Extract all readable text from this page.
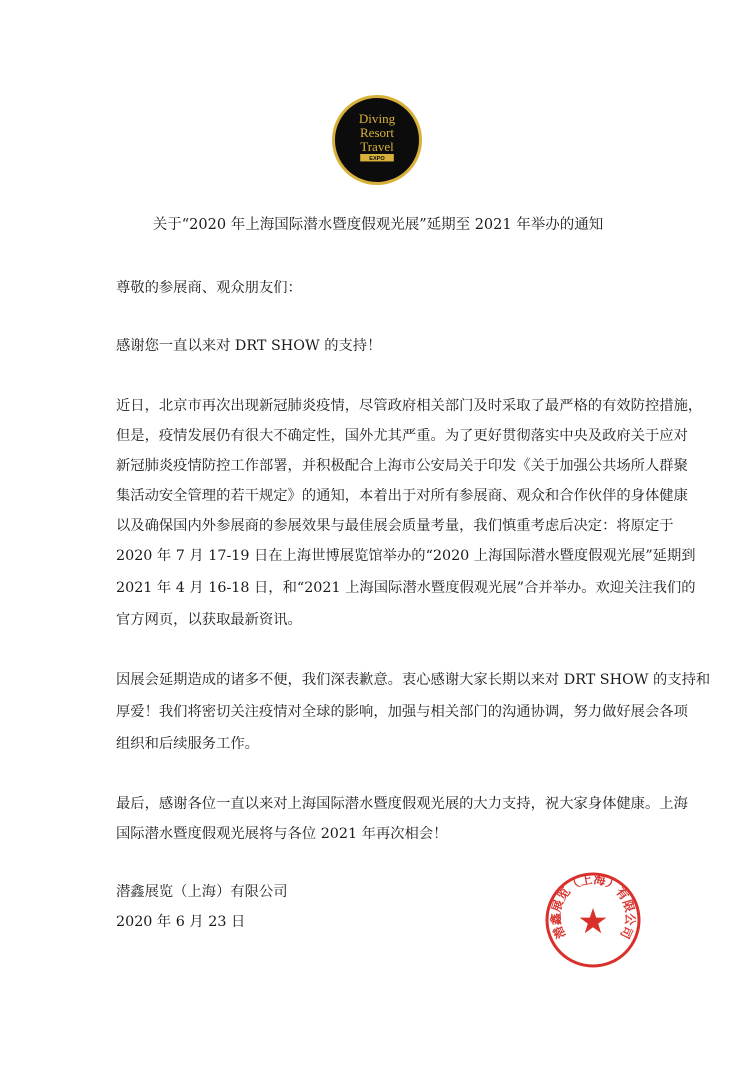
Diving
Resort
Travel
EXPO

关于“2020 年上海国际潜水暨度假观光展”延期至 2021 年举办的通知

尊敬的参展商、观众朋友们：

感谢您一直以来对 DRT SHOW 的支持！

近日，北京市再次出现新冠肺炎疫情，尽管政府相关部门及时采取了最严格的有效防控措施，

但是，疫情发展仍有很大不确定性，国外尤其严重。为了更好贯彻落实中央及政府关于应对

新冠肺炎疫情防控工作部署，并积极配合上海市公安局关于印发《关于加强公共场所人群聚

集活动安全管理的若干规定》的通知，本着出于对所有参展商、观众和合作伙伴的身体健康

以及确保国内外参展商的参展效果与最佳展会质量考量，我们慎重考虑后决定：将原定于

2020 年 7 月 17-19 日在上海世博展览馆举办的“2020 上海国际潜水暨度假观光展”延期到

2021 年 4 月 16-18 日，和“2021 上海国际潜水暨度假观光展”合并举办。欢迎关注我们的

官方网页，以获取最新资讯。

因展会延期造成的诸多不便，我们深表歉意。衷心感谢大家长期以来对 DRT SHOW 的支持和

厚爱！我们将密切关注疫情对全球的影响，加强与相关部门的沟通协调，努力做好展会各项

组织和后续服务工作。

最后，感谢各位一直以来对上海国际潜水暨度假观光展的大力支持，祝大家身体健康。上海

国际潜水暨度假观光展将与各位 2021 年再次相会！

潜鑫展览（上海）有限公司

2020 年 6 月 23 日

潜鑫展览（上海）有限公司
